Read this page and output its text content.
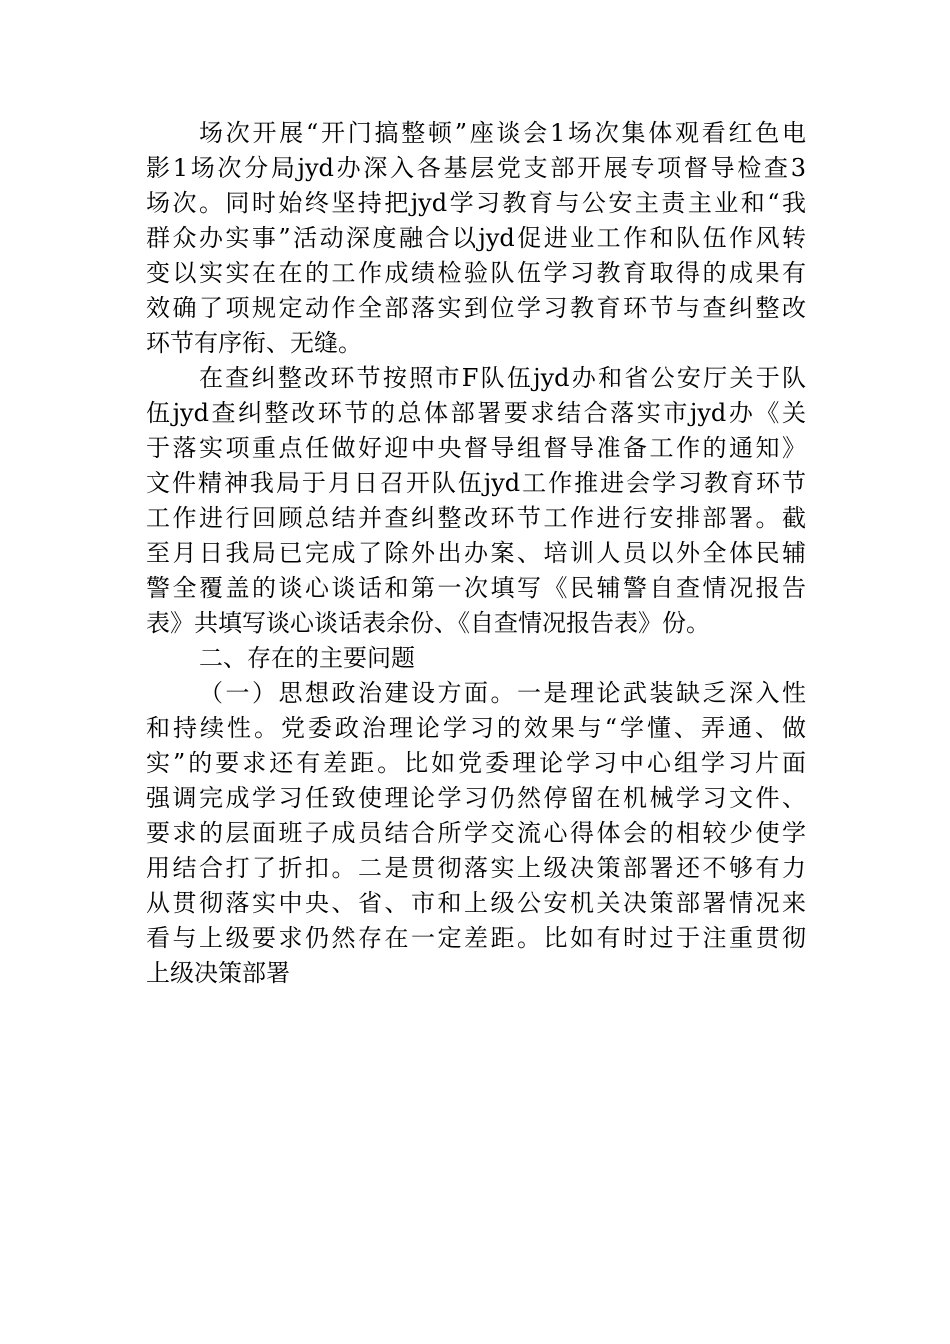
场次开展“开门搞整顿”座谈会1场次集体观看红色电
影1场次分局jyd办深入各基层党支部开展专项督导检查3
场次。同时始终坚持把jyd学习教育与公安主责主业和“我
群众办实事”活动深度融合以jyd促进业工作和队伍作风转
变以实实在在的工作成绩检验队伍学习教育取得的成果有
效确了项规定动作全部落实到位学习教育环节与查纠整改
环节有序衔、无缝。
在查纠整改环节按照市F队伍jyd办和省公安厅关于队
伍jyd查纠整改环节的总体部署要求结合落实市jyd办《关
于落实项重点任做好迎中央督导组督导准备工作的通知》
文件精神我局于月日召开队伍jyd工作推进会学习教育环节
工作进行回顾总结并查纠整改环节工作进行安排部署。截
至月日我局已完成了除外出办案、培训人员以外全体民辅
警全覆盖的谈心谈话和第一次填写《民辅警自查情况报告
表》共填写谈心谈话表余份、《自查情况报告表》份。
二、存在的主要问题
（一）思想政治建设方面。一是理论武装缺乏深入性
和持续性。党委政治理论学习的效果与“学懂、弄通、做
实”的要求还有差距。比如党委理论学习中心组学习片面
强调完成学习任致使理论学习仍然停留在机械学习文件、
要求的层面班子成员结合所学交流心得体会的相较少使学
用结合打了折扣。二是贯彻落实上级决策部署还不够有力
从贯彻落实中央、省、市和上级公安机关决策部署情况来
看与上级要求仍然存在一定差距。比如有时过于注重贯彻
上级决策部署
